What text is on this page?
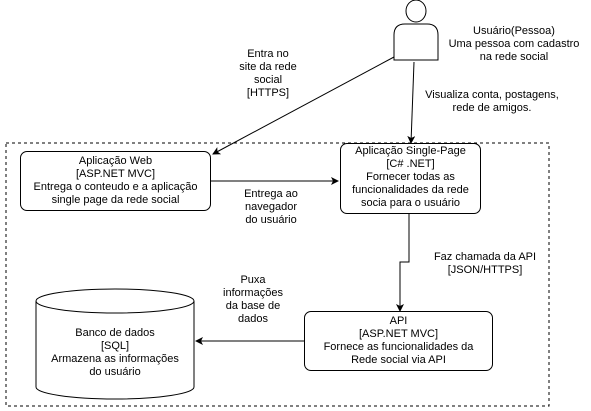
Usuário(Pessoa)
Uma pessoa com cadastro
na rede social
Aplicação Web
[ASP.NET MVC]
Entrega o conteudo e a aplicação
single page da rede social
Aplicação Single-Page
[C# .NET]
Fornecer todas as
funcionalidades da rede
socia para o usuário
API
[ASP.NET MVC]
Fornece as funcionalidades da
Rede social via API
Banco de dados
[SQL]
Armazena as informações
do usuário
Entra no
site da rede
social
[HTTPS]	Visualiza conta, postagens,
rede de amigos.
Entrega ao
navegador
do usuário
Faz chamada da API
[JSON/HTTPS]
Puxa
informações
da base de
dados
